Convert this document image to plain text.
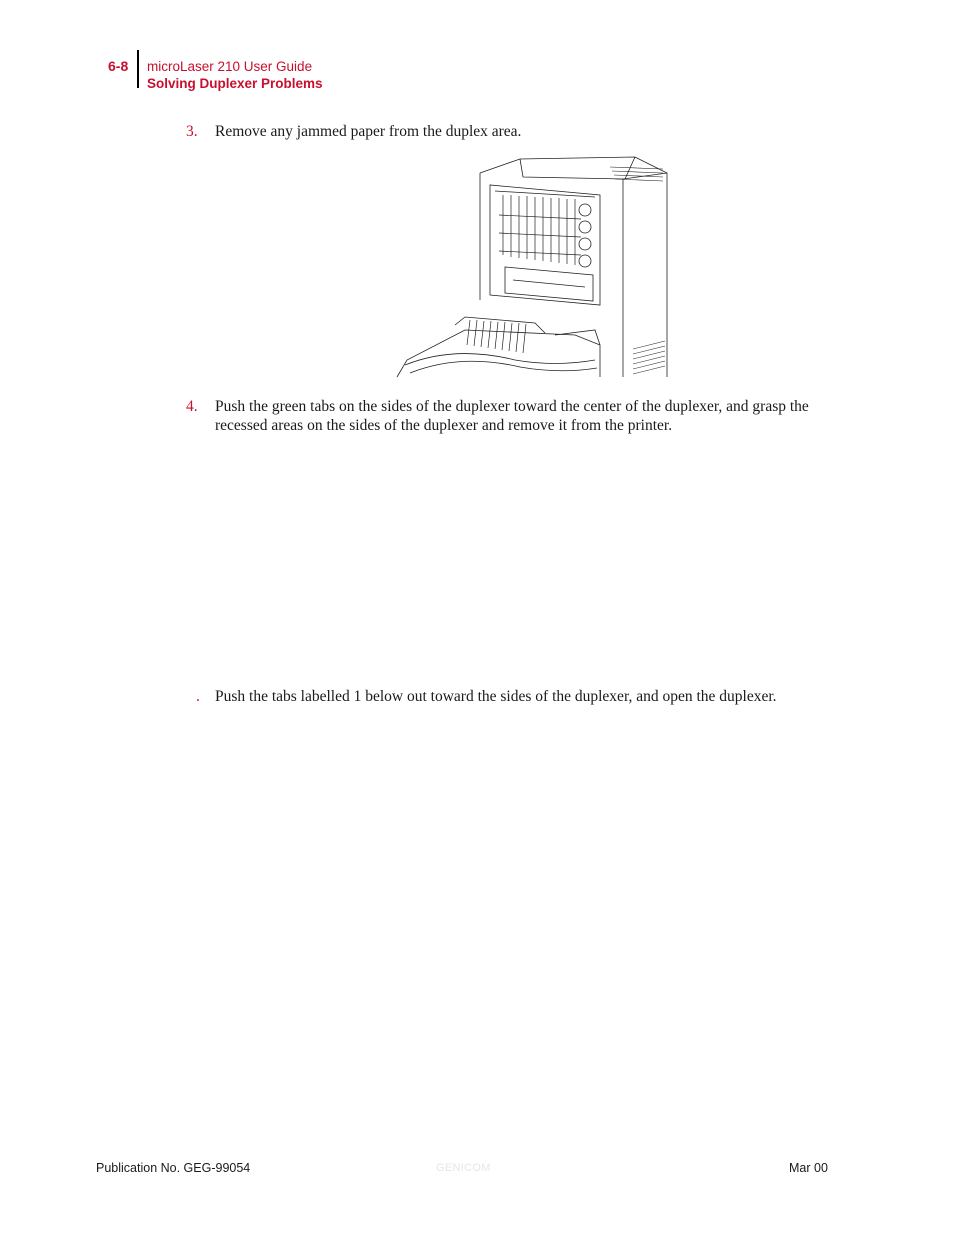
6-8 microLaser 210 User Guide
Solving Duplexer Problems
3.	Remove any jammed paper from the duplex area.
4.	Push the green tabs on the sides of the duplexer toward the center of the duplexer, and grasp the recessed areas on the sides of the duplexer and remove it from the printer.
. Push the tabs labelled 1 below out toward the sides of the duplexer, and open the duplexer.
Publication No. GEG-99054	GENICOM	Mar 00
